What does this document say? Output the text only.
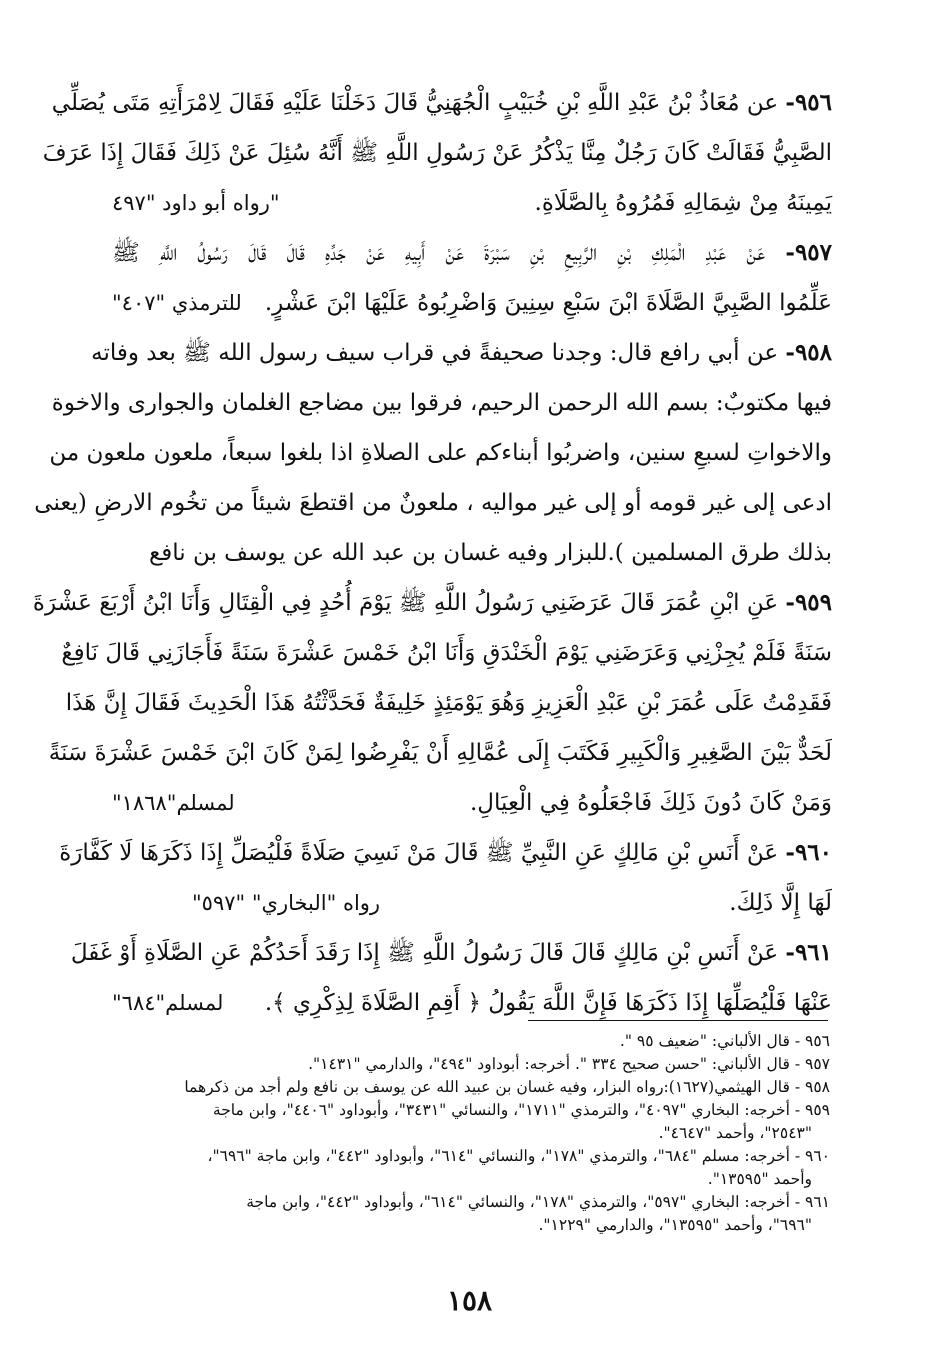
٩٥٦- عن مُعَاذُ بْنُ عَبْدِ اللَّهِ بْنِ خُبَيْبٍ الْجُهَنِيُّ قَالَ دَخَلْنَا عَلَيْهِ فَقَالَ لِامْرَأَتِهِ مَتَى يُصَلِّي
الصَّبِيُّ فَقَالَتْ كَانَ رَجُلٌ مِنَّا يَذْكُرُ عَنْ رَسُولِ اللَّهِ ﷺ أَنَّهُ سُئِلَ عَنْ ذَلِكَ فَقَالَ إِذَا عَرَفَ
يَمِينَهُ مِنْ شِمَالِهِ فَمُرُوهُ بِالصَّلَاةِ.
"رواه أبو داود "٤٩٧
٩٥٧- عَنْ عَبْدِ الْمَلِكِ بْنِ الرَّبِيعِ بْنِ سَبْرَةَ عَنْ أَبِيهِ عَنْ جَدِّهِ قَالَ قَالَ رَسُولُ اللَّهِ ﷺ
عَلِّمُوا الصَّبِيَّ الصَّلَاةَ ابْنَ سَبْعِ سِنِينَ وَاضْرِبُوهُ عَلَيْهَا ابْنَ عَشْرٍ.
للترمذي "٤٠٧"
٩٥٨- عن أبي رافع قال: وجدنا صحيفةً في قراب سيف رسول الله ﷺ بعد وفاته
فيها مكتوبٌ: بسم الله الرحمن الرحيم، فرقوا بين مضاجع الغلمان والجوارى والاخوة
والاخواتِ لسبعِ سنين، واضربُوا أبناءكم على الصلاةِ اذا بلغوا سبعاً، ملعون ملعون من
ادعى إلى غير قومه أو إلى غير مواليه ، ملعونٌ من اقتطعَ شيئاً من تخُوم الارضِ (يعنى
بذلك طرق المسلمين ).للبزار وفيه غسان بن عبد الله عن يوسف بن نافع
٩٥٩- عَنِ ابْنِ عُمَرَ قَالَ عَرَضَنِي رَسُولُ اللَّهِ ﷺ يَوْمَ أُحُدٍ فِي الْقِتَالِ وَأَنَا ابْنُ أَرْبَعَ عَشْرَةَ
سَنَةً فَلَمْ يُجِزْنِي وَعَرَضَنِي يَوْمَ الْخَنْدَقِ وَأَنَا ابْنُ خَمْسَ عَشْرَةَ سَنَةً فَأَجَازَنِي قَالَ نَافِعٌ
فَقَدِمْتُ عَلَى عُمَرَ بْنِ عَبْدِ الْعَزِيزِ وَهُوَ يَوْمَئِذٍ خَلِيفَةٌ فَحَدَّثْتُهُ هَذَا الْحَدِيثَ فَقَالَ إِنَّ هَذَا
لَحَدٌّ بَيْنَ الصَّغِيرِ وَالْكَبِيرِ فَكَتَبَ إِلَى عُمَّالِهِ أَنْ يَفْرِضُوا لِمَنْ كَانَ ابْنَ خَمْسَ عَشْرَةَ سَنَةً
وَمَنْ كَانَ دُونَ ذَلِكَ فَاجْعَلُوهُ فِي الْعِيَالِ.
لمسلم"١٨٦٨"
٩٦٠- عَنْ أَنَسِ بْنِ مَالِكٍ عَنِ النَّبِيِّ ﷺ قَالَ مَنْ نَسِيَ صَلَاةً فَلْيُصَلِّ إِذَا ذَكَرَهَا لَا كَفَّارَةَ
لَهَا إِلَّا ذَلِكَ.
رواه "البخاري" "٥٩٧"
٩٦١- عَنْ أَنَسِ بْنِ مَالِكٍ قَالَ قَالَ رَسُولُ اللَّهِ ﷺ إِذَا رَقَدَ أَحَدُكُمْ عَنِ الصَّلَاةِ أَوْ غَفَلَ
عَنْهَا فَلْيُصَلِّهَا إِذَا ذَكَرَهَا فَإِنَّ اللَّهَ يَقُولُ ﴿ أَقِمِ الصَّلَاةَ لِذِكْرِي ﴾.
لمسلم"٦٨٤"
٩٥٦ - قال الألباني: "ضعيف ٩٥ ".
٩٥٧ - قال الألباني: "حسن صحيح ٣٣٤ ". أخرجه: أبوداود "٤٩٤"، والدارمي "١٤٣١".
٩٥٨ - قال الهيثمي(١٦٢٧):رواه البزار، وفيه غسان بن عبيد الله عن يوسف بن نافع ولم أجد من ذكرهما
٩٥٩ - أخرجه: البخاري "٤٠٩٧"، والترمذي "١٧١١"، والنسائي "٣٤٣١"، وأبوداود "٤٤٠٦"، وابن ماجة
"٢٥٤٣"، وأحمد "٤٦٤٧".
٩٦٠ - أخرجه: مسلم "٦٨٤"، والترمذي "١٧٨"، والنسائي "٦١٤"، وأبوداود "٤٤٢"، وابن ماجة "٦٩٦"،
وأحمد "١٣٥٩٥".
٩٦١ - أخرجه: البخاري "٥٩٧"، والترمذي "١٧٨"، والنسائي "٦١٤"، وأبوداود "٤٤٢"، وابن ماجة
"٦٩٦"، وأحمد "١٣٥٩٥"، والدارمي "١٢٢٩".
١٥٨
